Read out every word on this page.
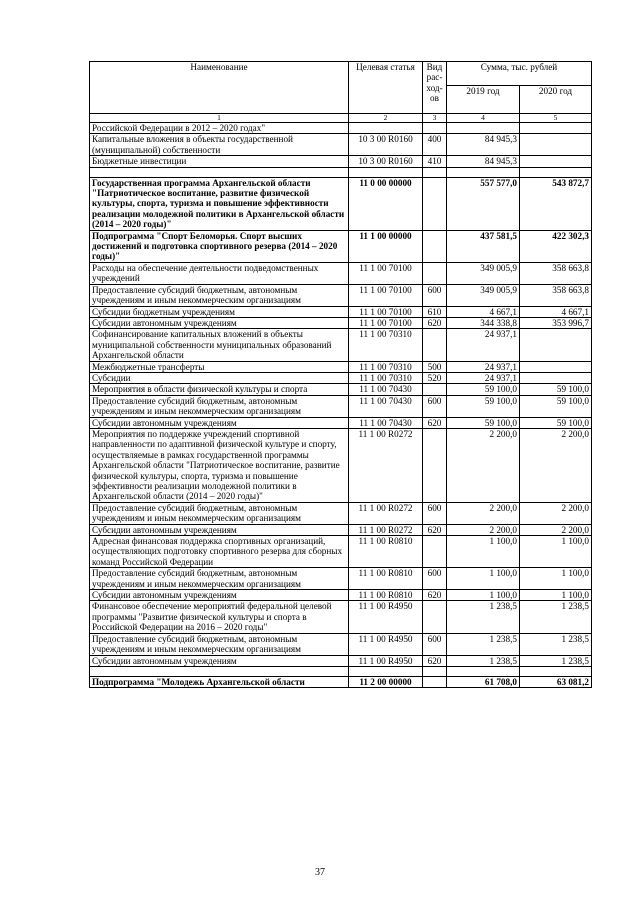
Наименование	Целевая статья	Вид рас-ход-ов	Сумма, тыс. рублей	
			2019 год	2020 год
1	2	3	4	5
Российской Федерации в 2012 – 2020 годах"				
Капитальные вложения в объекты государственной (муниципальной) собственности	10 3 00 R0160	400	84 945,3	
Бюджетные инвестиции	10 3 00 R0160	410	84 945,3	

Государственная программа Архангельской области "Патриотическое воспитание, развитие физической культуры, спорта, туризма и повышение эффективности реализации молодежной политики в Архангельской области (2014 – 2020 годы)"	11 0 00 00000		557 577,0	543 872,7
Подпрограмма "Спорт Беломорья. Спорт высших достижений и подготовка спортивного резерва (2014 – 2020 годы)"	11 1 00 00000		437 581,5	422 302,3
Расходы на обеспечение деятельности подведомственных учреждений	11 1 00 70100		349 005,9	358 663,8
Предоставление субсидий бюджетным, автономным учреждениям и иным некоммерческим организациям	11 1 00 70100	600	349 005,9	358 663,8
Субсидии бюджетным учреждениям	11 1 00 70100	610	4 667,1	4 667,1
Субсидии автономным учреждениям	11 1 00 70100	620	344 338,8	353 996,7
Софинансирование капитальных вложений в объекты муниципальной собственности муниципальных образований Архангельской области	11 1 00 70310		24 937,1	
Межбюджетные трансферты	11 1 00 70310	500	24 937,1	
Субсидии	11 1 00 70310	520	24 937,1	
Мероприятия в области физической культуры и спорта	11 1 00 70430		59 100,0	59 100,0
Предоставление субсидий бюджетным, автономным учреждениям и иным некоммерческим организациям	11 1 00 70430	600	59 100,0	59 100,0
Субсидии автономным учреждениям	11 1 00 70430	620	59 100,0	59 100,0
Мероприятия по поддержке учреждений спортивной направленности по адаптивной физической культуре и спорту, осуществляемые в рамках государственной программы Архангельской области "Патриотическое воспитание, развитие физической культуры, спорта, туризма и повышение эффективности реализации молодежной политики в Архангельской области (2014 – 2020 годы)"	11 1 00 R0272		2 200,0	2 200,0
Предоставление субсидий бюджетным, автономным учреждениям и иным некоммерческим организациям	11 1 00 R0272	600	2 200,0	2 200,0
Субсидии автономным учреждениям	11 1 00 R0272	620	2 200,0	2 200,0
Адресная финансовая поддержка спортивных организаций, осуществляющих подготовку спортивного резерва для сборных команд Российской Федерации	11 1 00 R0810		1 100,0	1 100,0
Предоставление субсидий бюджетным, автономным учреждениям и иным некоммерческим организациям	11 1 00 R0810	600	1 100,0	1 100,0
Субсидии автономным учреждениям	11 1 00 R0810	620	1 100,0	1 100,0
Финансовое обеспечение мероприятий федеральной целевой программы "Развитие физической культуры и спорта в Российской Федерации на 2016 – 2020 годы"	11 1 00 R4950		1 238,5	1 238,5
Предоставление субсидий бюджетным, автономным учреждениям и иным некоммерческим организациям	11 1 00 R4950	600	1 238,5	1 238,5
Субсидии автономным учреждениям	11 1 00 R4950	620	1 238,5	1 238,5

Подпрограмма "Молодежь Архангельской области	11 2 00 00000		61 708,0	63 081,2
37
